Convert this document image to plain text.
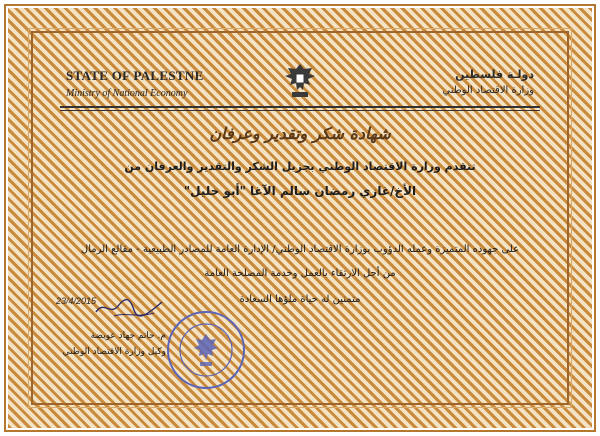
STATE OF PALESTNE
Ministry of National Economy
دولـة فلسطين
وزارة الاقتصاد الوطني
شهادة شكر وتقدير وعرفان
تتقدم وزارة الاقتصاد الوطني بجزيل الشكر والتقدير والعرفان من
الأخ/غازي رمضان سالم الآغا "أبو خليل"
على جهوده المتميزة وعمله الدؤوب بوزارة الاقتصاد الوطني/ الإدارة العامة للمصادر الطبيعية - مقالع الرمال
من أجل الارتقاء بالعمل وخدمة المصلحة العامة
متمنين له حياة ملؤها السعادة
23/4/2015
م. حاتم جهاد عويضة
وكيل وزارة الاقتصاد الوطني
